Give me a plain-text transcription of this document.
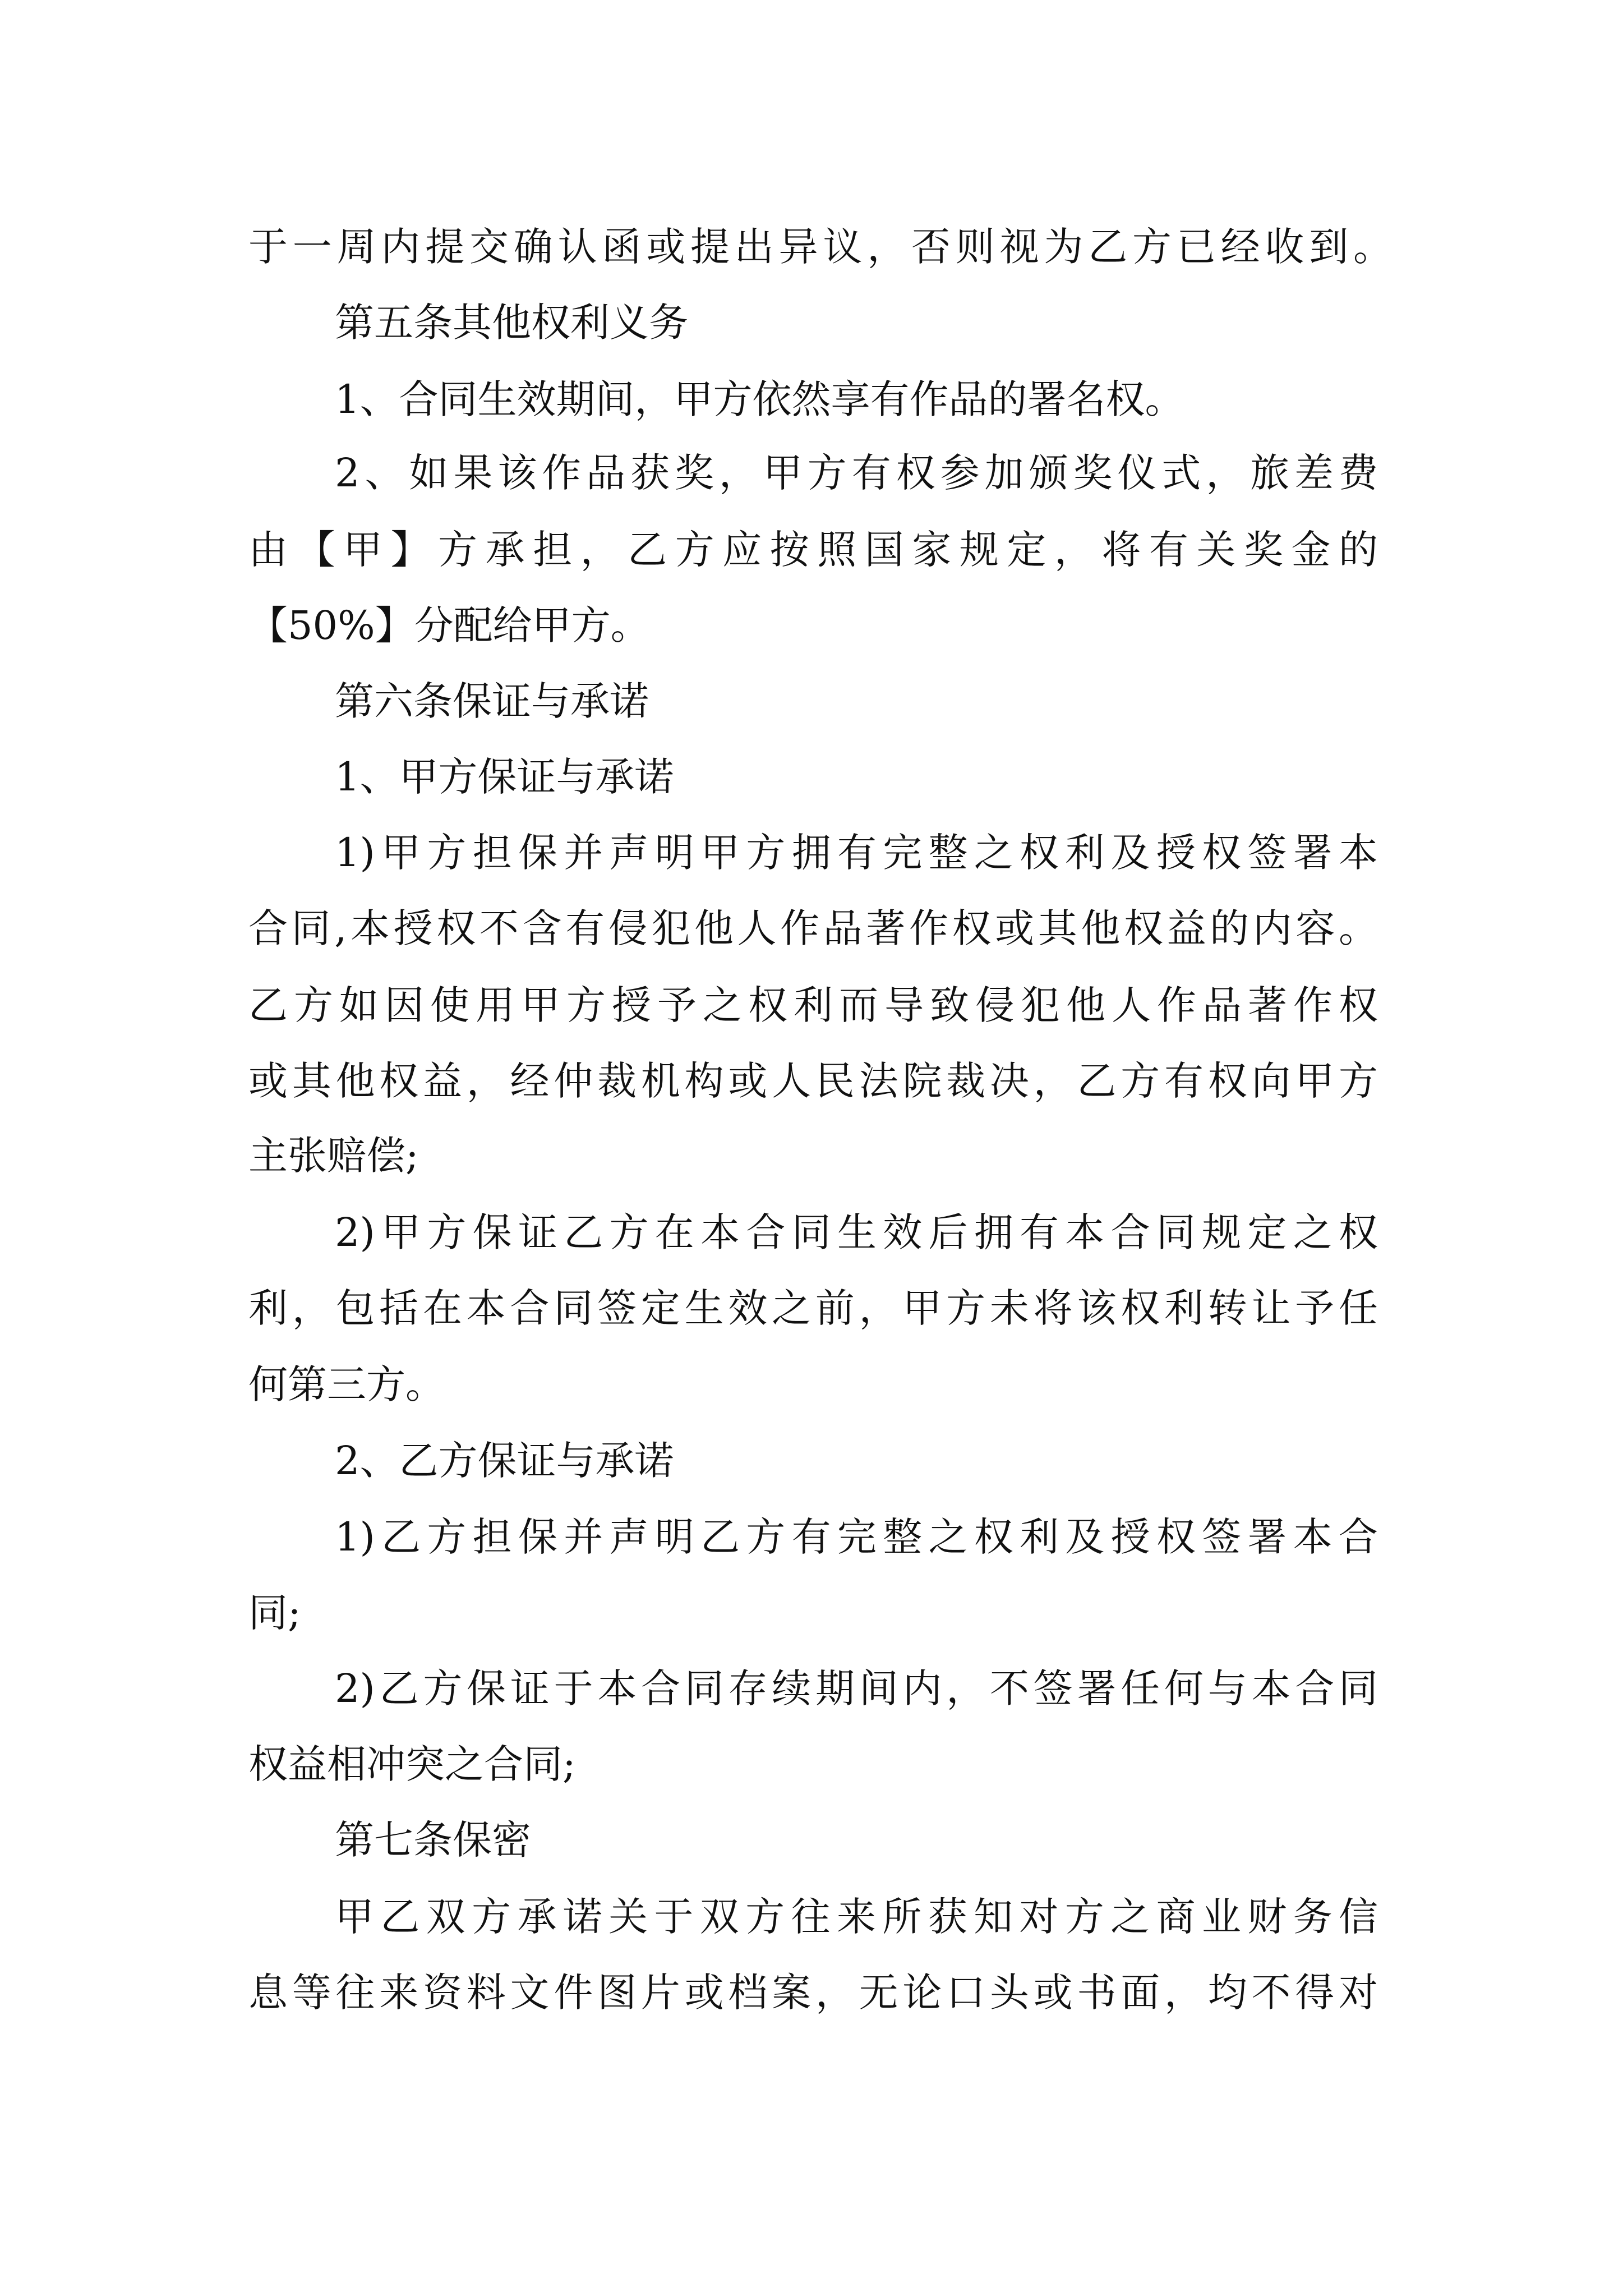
于一周内提交确认函或提出异议，否则视为乙方已经收到。
第五条其他权利义务
1、合同生效期间，甲方依然享有作品的署名权。
2、如果该作品获奖，甲方有权参加颁奖仪式，旅差费
由【甲】方承担，乙方应按照国家规定，将有关奖金的
【50%】分配给甲方。
第六条保证与承诺
1、甲方保证与承诺
1)甲方担保并声明甲方拥有完整之权利及授权签署本
合同,本授权不含有侵犯他人作品著作权或其他权益的内容。
乙方如因使用甲方授予之权利而导致侵犯他人作品著作权
或其他权益，经仲裁机构或人民法院裁决，乙方有权向甲方
主张赔偿;
2)甲方保证乙方在本合同生效后拥有本合同规定之权
利，包括在本合同签定生效之前，甲方未将该权利转让予任
何第三方。
2、乙方保证与承诺
1)乙方担保并声明乙方有完整之权利及授权签署本合
同;
2)乙方保证于本合同存续期间内，不签署任何与本合同
权益相冲突之合同;
第七条保密
甲乙双方承诺关于双方往来所获知对方之商业财务信
息等往来资料文件图片或档案，无论口头或书面，均不得对
